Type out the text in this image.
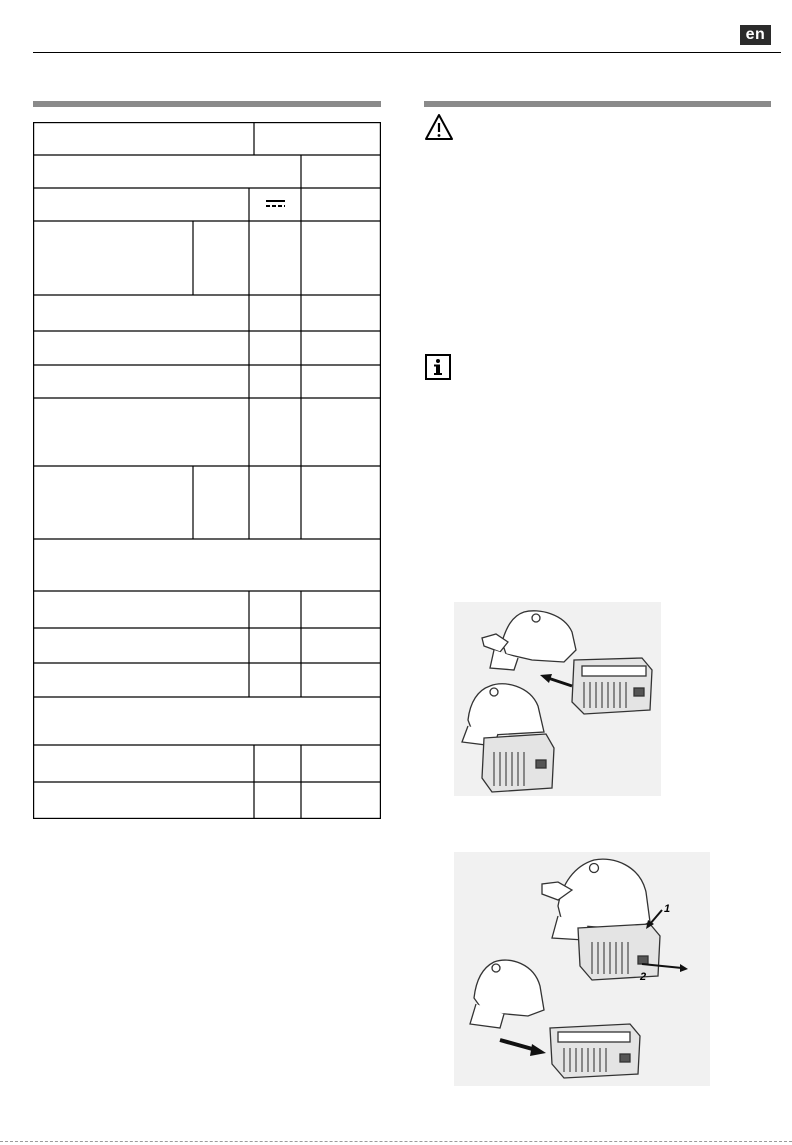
en
1
2
